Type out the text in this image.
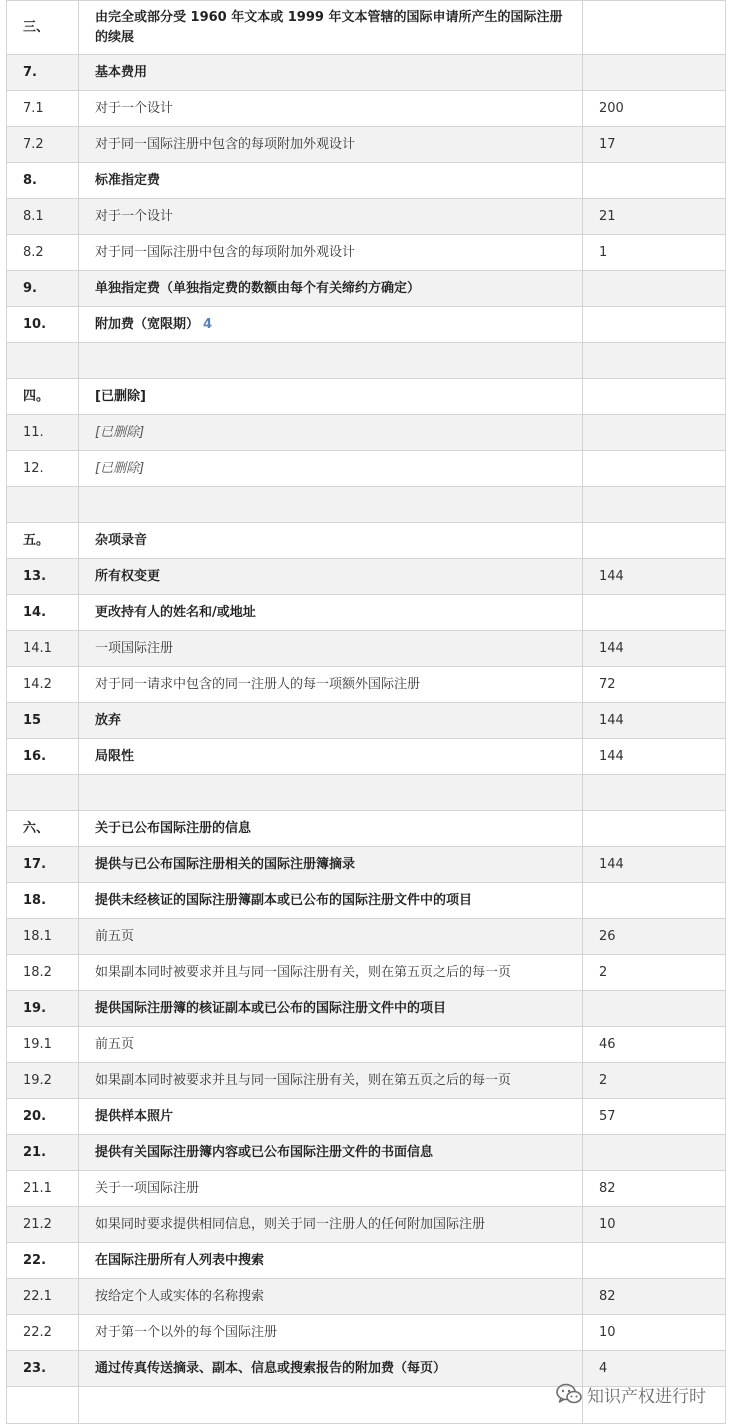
三、	由完全或部分受 1960 年文本或 1999 年文本管辖的国际申请所产生的国际注册的续展	
7.	基本费用	
7.1	对于一个设计	200
7.2	对于同一国际注册中包含的每项附加外观设计	17
8.	标准指定费	
8.1	对于一个设计	21
8.2	对于同一国际注册中包含的每项附加外观设计	1
9.	单独指定费（单独指定费的数额由每个有关缔约方确定）	
10.	附加费（宽限期） 4	

四。	[已删除]	
11.	[已删除]	
12.	[已删除]	

五。	杂项录音	
13.	所有权变更	144
14.	更改持有人的姓名和/或地址	
14.1	一项国际注册	144
14.2	对于同一请求中包含的同一注册人的每一项额外国际注册	72
15	放弃	144
16.	局限性	144

六、	关于已公布国际注册的信息	
17.	提供与已公布国际注册相关的国际注册簿摘录	144
18.	提供未经核证的国际注册簿副本或已公布的国际注册文件中的项目	
18.1	前五页	26
18.2	如果副本同时被要求并且与同一国际注册有关，则在第五页之后的每一页	2
19.	提供国际注册簿的核证副本或已公布的国际注册文件中的项目	
19.1	前五页	46
19.2	如果副本同时被要求并且与同一国际注册有关，则在第五页之后的每一页	2
20.	提供样本照片	57
21.	提供有关国际注册簿内容或已公布国际注册文件的书面信息	
21.1	关于一项国际注册	82
21.2	如果同时要求提供相同信息，则关于同一注册人的任何附加国际注册	10
22.	在国际注册所有人列表中搜索	
22.1	按给定个人或实体的名称搜索	82
22.2	对于第一个以外的每个国际注册	10
23.	通过传真传送摘录、副本、信息或搜索报告的附加费（每页）	4

知识产权进行时
